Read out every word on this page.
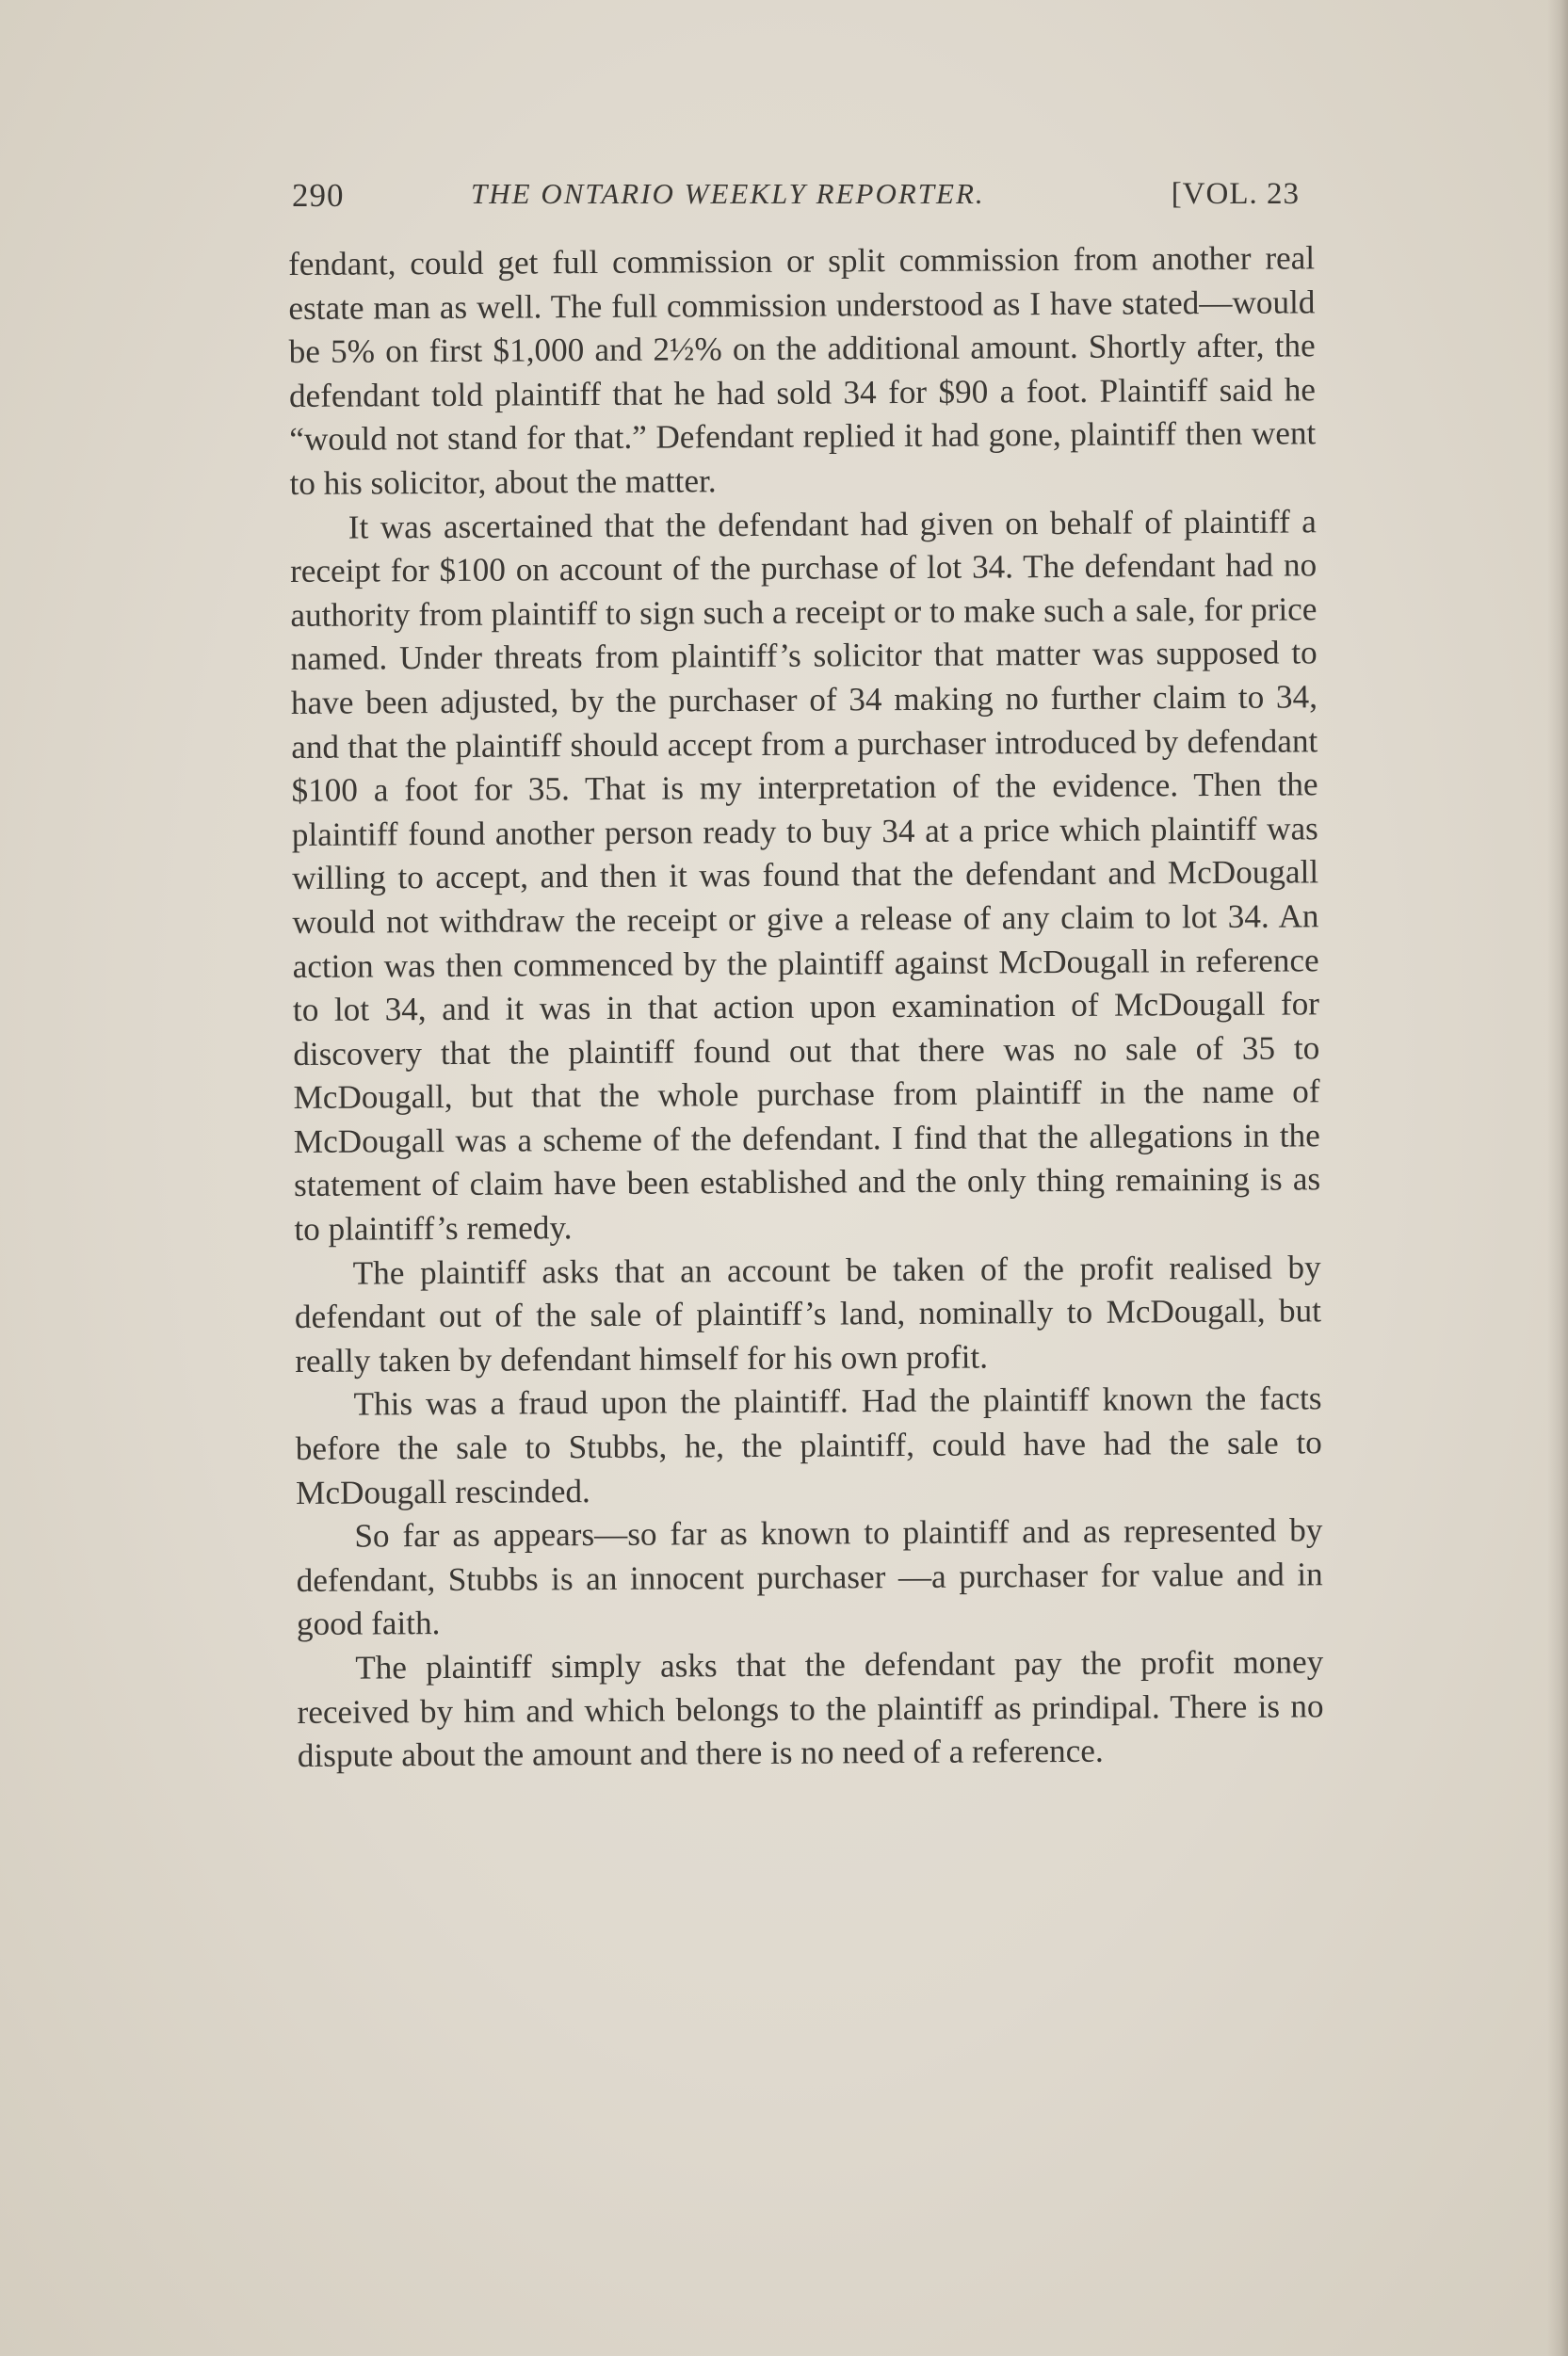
290	THE ONTARIO WEEKLY REPORTER.	[VOL. 23

fendant, could get full commission or split commission from another real estate man as well. The full commission understood as I have stated—would be 5% on first $1,000 and 2½% on the additional amount. Shortly after, the defendant told plaintiff that he had sold 34 for $90 a foot. Plaintiff said he “would not stand for that.” Defendant replied it had gone, plaintiff then went to his solicitor, about the matter.

It was ascertained that the defendant had given on behalf of plaintiff a receipt for $100 on account of the purchase of lot 34. The defendant had no authority from plaintiff to sign such a receipt or to make such a sale, for price named. Under threats from plaintiff’s solicitor that matter was supposed to have been adjusted, by the purchaser of 34 making no further claim to 34, and that the plaintiff should accept from a purchaser introduced by defendant $100 a foot for 35. That is my interpretation of the evidence. Then the plaintiff found another person ready to buy 34 at a price which plaintiff was willing to accept, and then it was found that the defendant and McDougall would not withdraw the receipt or give a release of any claim to lot 34. An action was then commenced by the plaintiff against McDougall in reference to lot 34, and it was in that action upon examination of McDougall for discovery that the plaintiff found out that there was no sale of 35 to McDougall, but that the whole purchase from plaintiff in the name of McDougall was a scheme of the defendant. I find that the allegations in the statement of claim have been established and the only thing remaining is as to plaintiff’s remedy.

The plaintiff asks that an account be taken of the profit realised by defendant out of the sale of plaintiff’s land, nominally to McDougall, but really taken by defendant himself for his own profit.

This was a fraud upon the plaintiff. Had the plaintiff known the facts before the sale to Stubbs, he, the plaintiff, could have had the sale to McDougall rescinded.

So far as appears—so far as known to plaintiff and as represented by defendant, Stubbs is an innocent purchaser —a purchaser for value and in good faith.

The plaintiff simply asks that the defendant pay the profit money received by him and which belongs to the plaintiff as prindipal. There is no dispute about the amount and there is no need of a reference.
